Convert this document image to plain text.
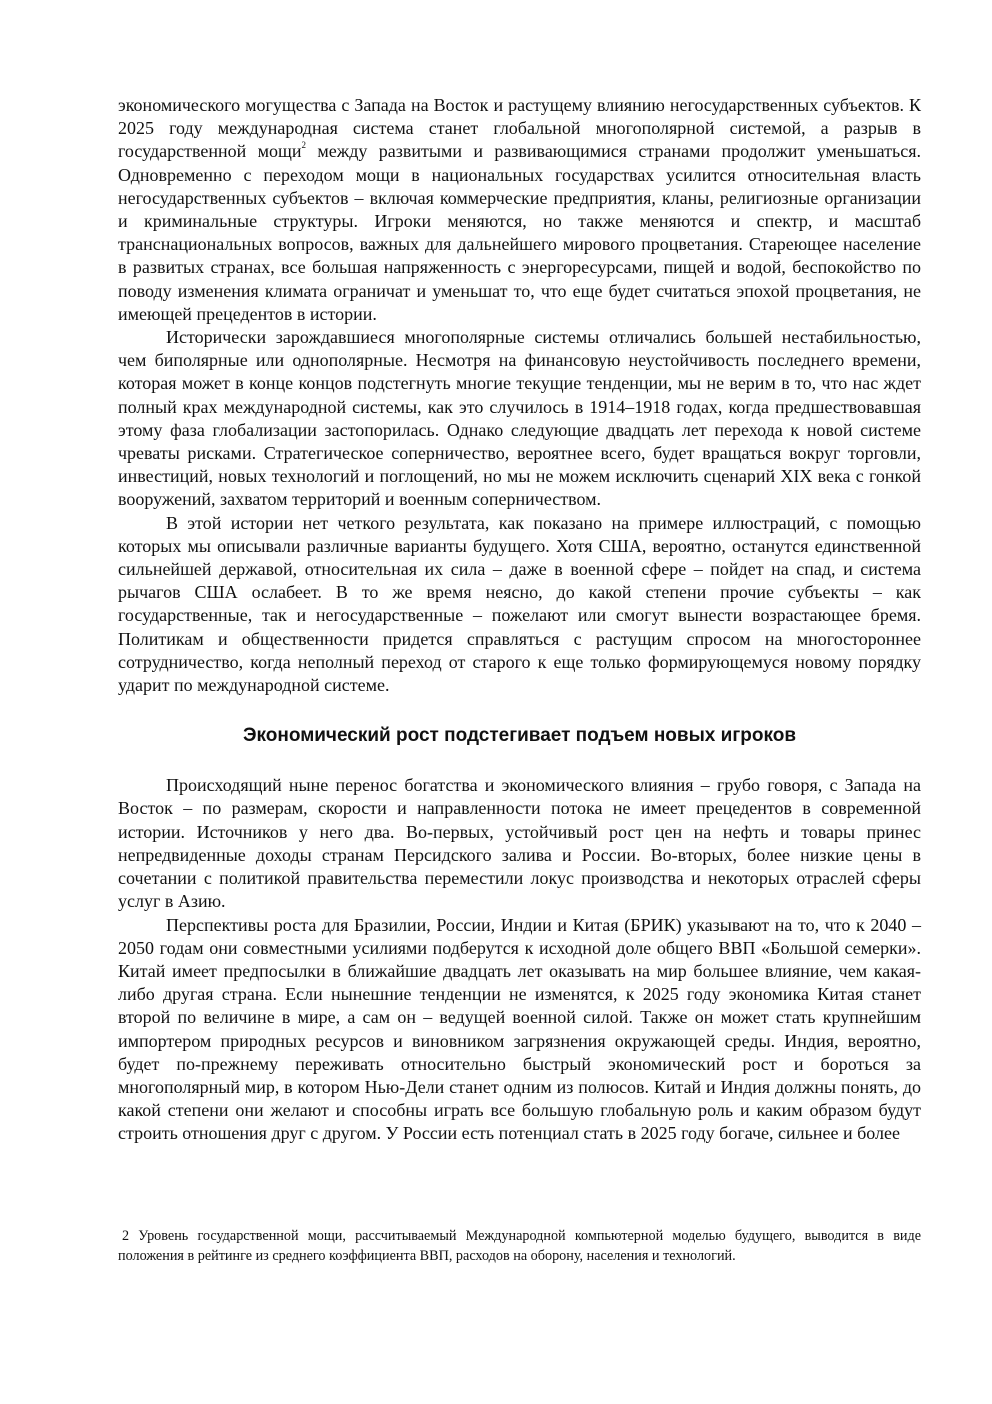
экономического могущества с Запада на Восток и растущему влиянию негосударственных субъектов. К 2025 году международная система станет глобальной многополярной системой, а разрыв в государственной мощи$^2$ между развитыми и развивающимися странами продолжит уменьшаться. Одновременно с переходом мощи в национальных государствах усилится относительная власть негосударственных субъектов – включая коммерческие предприятия, кланы, религиозные организации и криминальные структуры. Игроки меняются, но также меняются и спектр, и масштаб транснациональных вопросов, важных для дальнейшего мирового процветания. Стареющее население в развитых странах, все большая напряженность с энергоресурсами, пищей и водой, беспокойство по поводу изменения климата ограничат и уменьшат то, что еще будет считаться эпохой процветания, не имеющей прецедентов в истории.

Исторически зарождавшиеся многополярные системы отличались большей нестабильностью, чем биполярные или однополярные. Несмотря на финансовую неустойчивость последнего времени, которая может в конце концов подстегнуть многие текущие тенденции, мы не верим в то, что нас ждет полный крах международной системы, как это случилось в 1914–1918 годах, когда предшествовавшая этому фаза глобализации застопорилась. Однако следующие двадцать лет перехода к новой системе чреваты рисками. Стратегическое соперничество, вероятнее всего, будет вращаться вокруг торговли, инвестиций, новых технологий и поглощений, но мы не можем исключить сценарий XIX века с гонкой вооружений, захватом территорий и военным соперничеством.

В этой истории нет четкого результата, как показано на примере иллюстраций, с помощью которых мы описывали различные варианты будущего. Хотя США, вероятно, останутся единственной сильнейшей державой, относительная их сила – даже в военной сфере – пойдет на спад, и система рычагов США ослабеет. В то же время неясно, до какой степени прочие субъекты – как государственные, так и негосударственные – пожелают или смогут вынести возрастающее бремя. Политикам и общественности придется справляться с растущим спросом на многостороннее сотрудничество, когда неполный переход от старого к еще только формирующемуся новому порядку ударит по международной системе.

Экономический рост подстегивает подъем новых игроков

Происходящий ныне перенос богатства и экономического влияния – грубо говоря, с Запада на Восток – по размерам, скорости и направленности потока не имеет прецедентов в современной истории. Источников у него два. Во-первых, устойчивый рост цен на нефть и товары принес непредвиденные доходы странам Персидского залива и России. Во-вторых, более низкие цены в сочетании с политикой правительства переместили локус производства и некоторых отраслей сферы услуг в Азию.

Перспективы роста для Бразилии, России, Индии и Китая (БРИК) указывают на то, что к 2040 – 2050 годам они совместными усилиями подберутся к исходной доле общего ВВП «Большой семерки». Китай имеет предпосылки в ближайшие двадцать лет оказывать на мир большее влияние, чем какая-либо другая страна. Если нынешние тенденции не изменятся, к 2025 году экономика Китая станет второй по величине в мире, а сам он – ведущей военной силой. Также он может стать крупнейшим импортером природных ресурсов и виновником загрязнения окружающей среды. Индия, вероятно, будет по-прежнему переживать относительно быстрый экономический рост и бороться за многополярный мир, в котором Нью-Дели станет одним из полюсов. Китай и Индия должны понять, до какой степени они желают и способны играть все большую глобальную роль и каким образом будут строить отношения друг с другом. У России есть потенциал стать в 2025 году богаче, сильнее и более

2 Уровень государственной мощи, рассчитываемый Международной компьютерной моделью будущего, выводится в виде положения в рейтинге из среднего коэффициента ВВП, расходов на оборону, населения и технологий.
